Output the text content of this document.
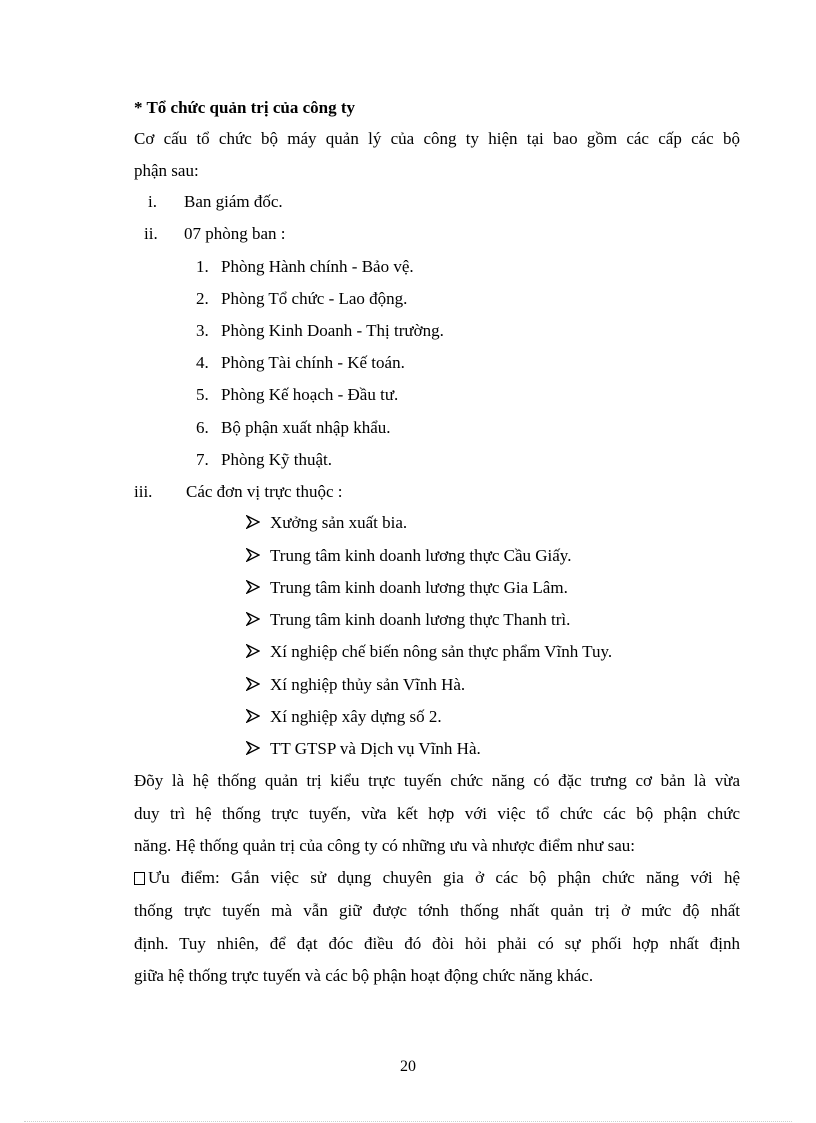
* Tổ chức quản trị của công ty
Cơ cấu tổ chức bộ máy quản lý của công ty hiện tại bao gồm các cấp các bộ
phận sau:
i. Ban giám đốc.
ii. 07 phòng ban :
1. Phòng Hành chính - Bảo vệ.
2. Phòng Tổ chức - Lao động.
3. Phòng Kinh Doanh - Thị trường.
4. Phòng Tài chính - Kế toán.
5. Phòng Kế hoạch - Đầu tư.
6. Bộ phận xuất nhập khẩu.
7. Phòng Kỹ thuật.
iii. Các đơn vị trực thuộc :
Xưởng sản xuất bia.
Trung tâm kinh doanh lương thực Cầu Giấy.
Trung tâm kinh doanh lương thực Gia Lâm.
Trung tâm kinh doanh lương thực Thanh trì.
Xí nghiệp chế biến nông sản thực phẩm Vĩnh Tuy.
Xí nghiệp thủy sản Vĩnh Hà.
Xí nghiệp xây dựng số 2.
TT GTSP và Dịch vụ Vĩnh Hà.
Đõy là hệ thống quản trị kiểu trực tuyến chức năng có đặc trưng cơ bản là vừa
duy trì hệ thống trực tuyến, vừa kết hợp với việc tổ chức các bộ phận chức
năng. Hệ thống quản trị của công ty có những ưu và nhược điểm như sau:
Ưu điểm: Gắn việc sử dụng chuyên gia ở các bộ phận chức năng với hệ
thống trực tuyến mà vẫn giữ được tớnh thống nhất quản trị ở mức độ nhất
định. Tuy nhiên, để đạt đóc điều đó đòi hỏi phải có sự phối hợp nhất định
giữa hệ thống trực tuyến và các bộ phận hoạt động chức năng khác.
20
